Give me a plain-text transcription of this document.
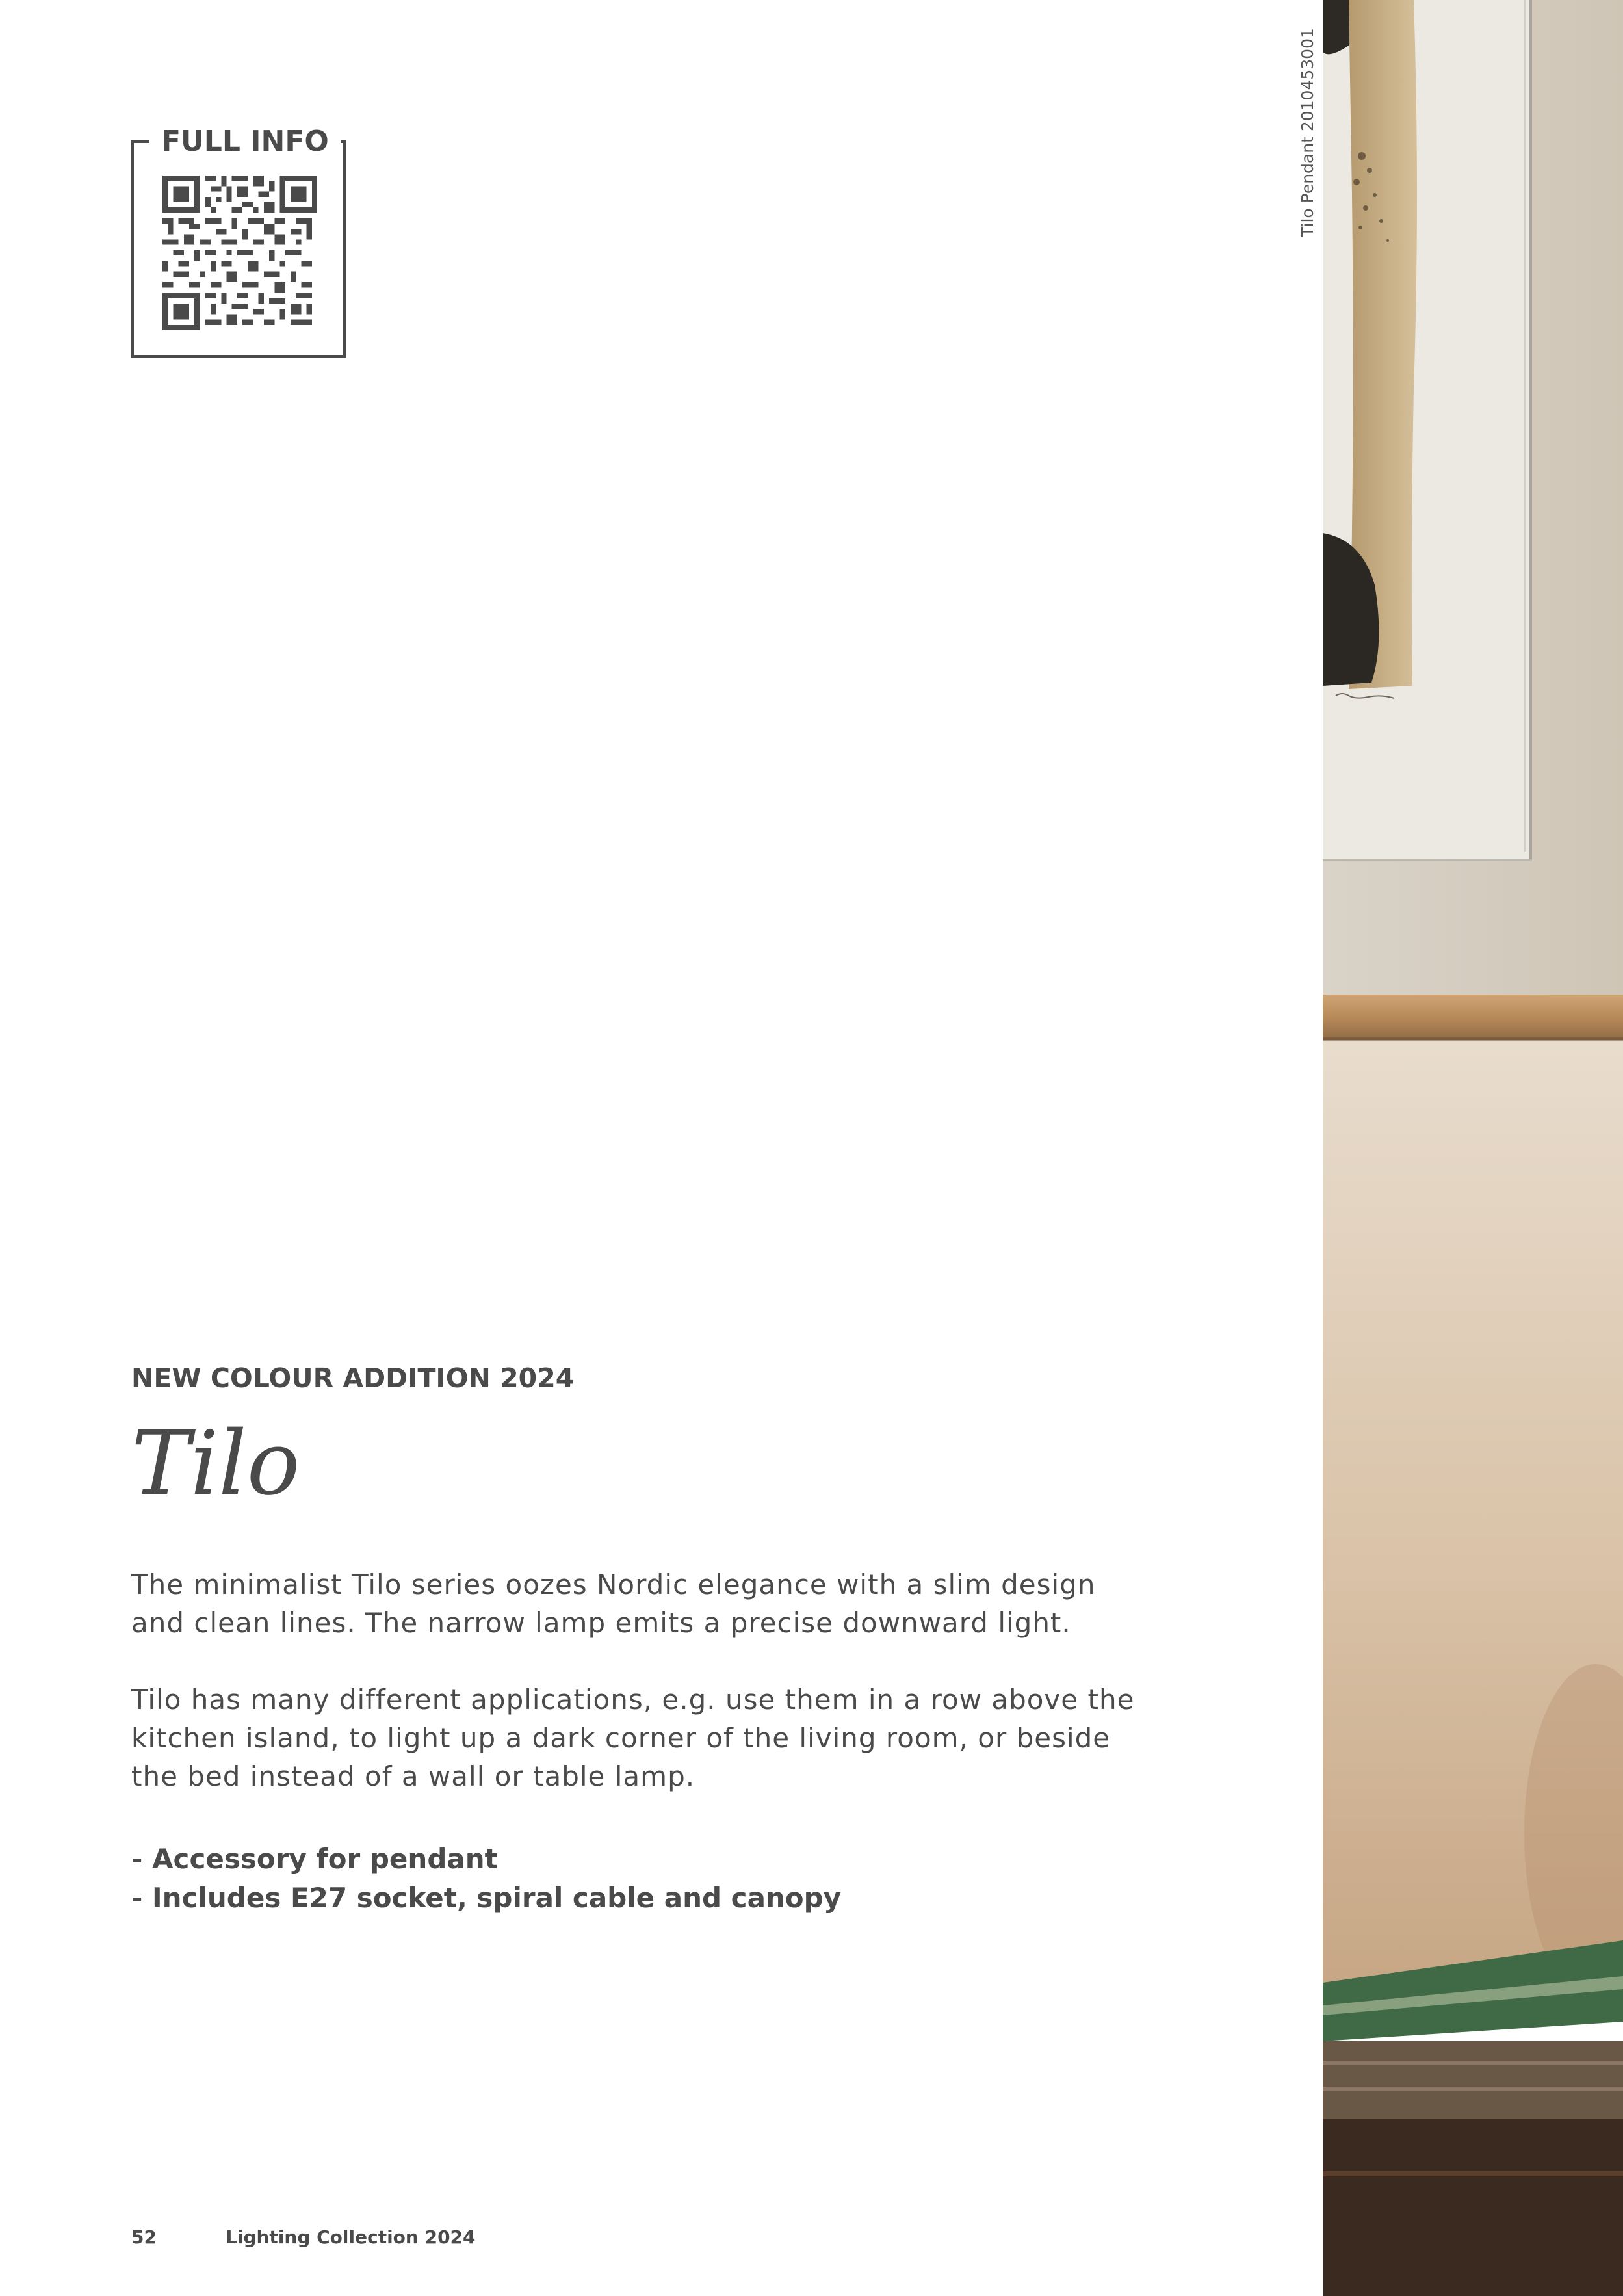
FULL INFO	Tilo Pendant 2010453001
NEW COLOUR ADDITION 2024
Tilo

The minimalist Tilo series oozes Nordic elegance with a slim design and clean lines. The narrow lamp emits a precise downward light.

Tilo has many different applications, e.g. use them in a row above the kitchen island, to light up a dark corner of the living room, or beside the bed instead of a wall or table lamp.

- Accessory for pendant
- Includes E27 socket, spiral cable and canopy
52	Lighting Collection 2024
